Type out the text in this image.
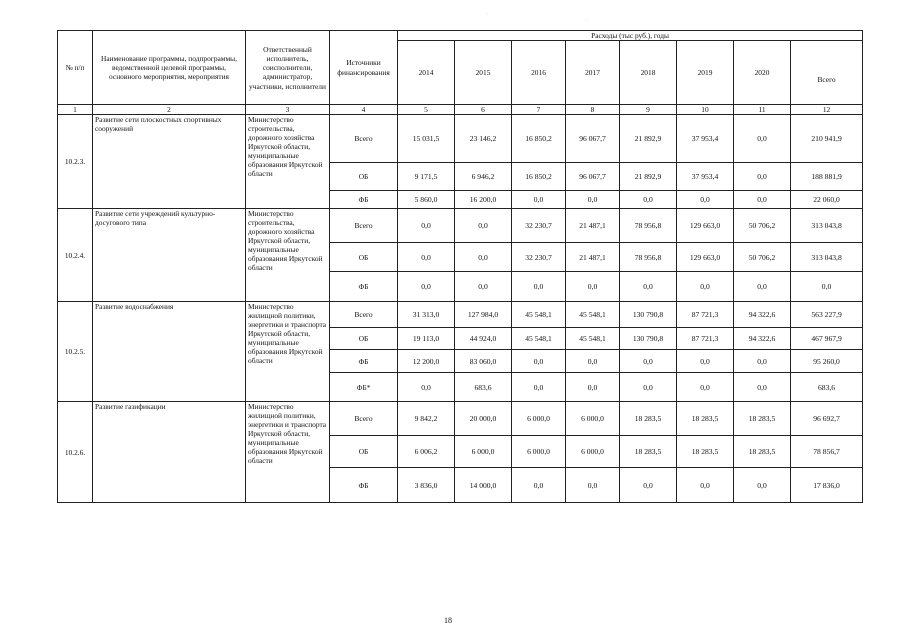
·
·
№ п/п	Наименование программы, подпрограммы, ведомственной целевой программы, основного мероприятия, мероприятия	Ответственный исполнитель, соисполнители, администратор, участники, исполнители	Источники финансирования	Расходы (тыс руб.), годы							
				2014	2015	2016	2017	2018	2019	2020	Всего
1	2	3	4	5	6	7	8	9	10	11	12
10.2.3.	Развитие сети плоскостных спортивных сооружений	Министерство строительства, дорожного хозяйства Иркутской области, муниципальные образования Иркутской области	Всего	15 031,5	23 146,2	16 850,2	96 067,7	21 892,9	37 953,4	0,0	210 941,9
			ОБ	9 171,5	6 946,2	16 850,2	96 067,7	21 892,9	37 953,4	0,0	188 881,9
			ФБ	5 860,0	16 200,0	0,0	0,0	0,0	0,0	0,0	22 060,0
10.2.4.	Развитие сети учреждений культурно-досугового типа	Министерство строительства, дорожного хозяйства Иркутской области, муниципальные образования Иркутской области	Всего	0,0	0,0	32 230,7	21 487,1	78 956,8	129 663,0	50 706,2	313 043,8
			ОБ	0,0	0,0	32 230,7	21 487,1	78 956,8	129 663,0	50 706,2	313 043,8
			ФБ	0,0	0,0	0,0	0,0	0,0	0,0	0,0	0,0
10.2.5.	Развитие водоснабжения	Министерство жилищной политики, энергетики и транспорта Иркутской области, муниципальные образования Иркутской области	Всего	31 313,0	127 984,0	45 548,1	45 548,1	130 790,8	87 721,3	94 322,6	563 227,9
			ОБ	19 113,0	44 924,0	45 548,1	45 548,1	130 790,8	87 721,3	94 322,6	467 967,9
			ФБ	12 200,0	83 060,0	0,0	0,0	0,0	0,0	0,0	95 260,0
			ФБ*	0,0	683,6	0,0	0,0	0,0	0,0	0,0	683,6
10.2.6.	Развитие газификации	Министерство жилищной политики, энергетики и транспорта Иркутской области, муниципальные образования Иркутской области	Всего	9 842,2	20 000,0	6 000,0	6 000,0	18 283,5	18 283,5	18 283,5	96 692,7
			ОБ	6 006,2	6 000,0	6 000,0	6 000,0	18 283,5	18 283,5	18 283,5	78 856,7
			ФБ	3 836,0	14 000,0	0,0	0,0	0,0	0,0	0,0	17 836,0
18
